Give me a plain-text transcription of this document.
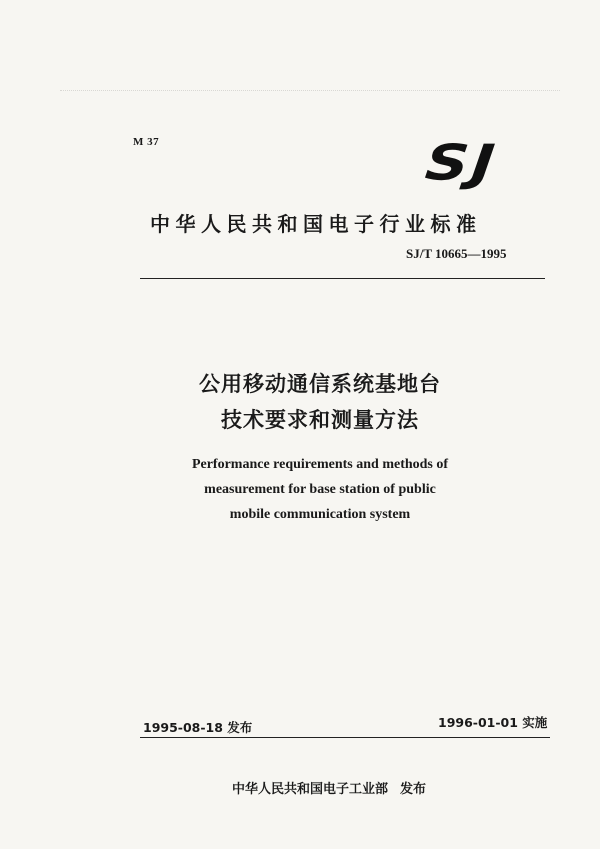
M 37	SJ
中华人民共和国电子行业标准
SJ/T 10665—1995
公用移动通信系统基地台
技术要求和测量方法
Performance requirements and methods of
measurement for base station of public
mobile communication system
1995-08-18 发布	1996-01-01 实施
中华人民共和国电子工业部 发布
